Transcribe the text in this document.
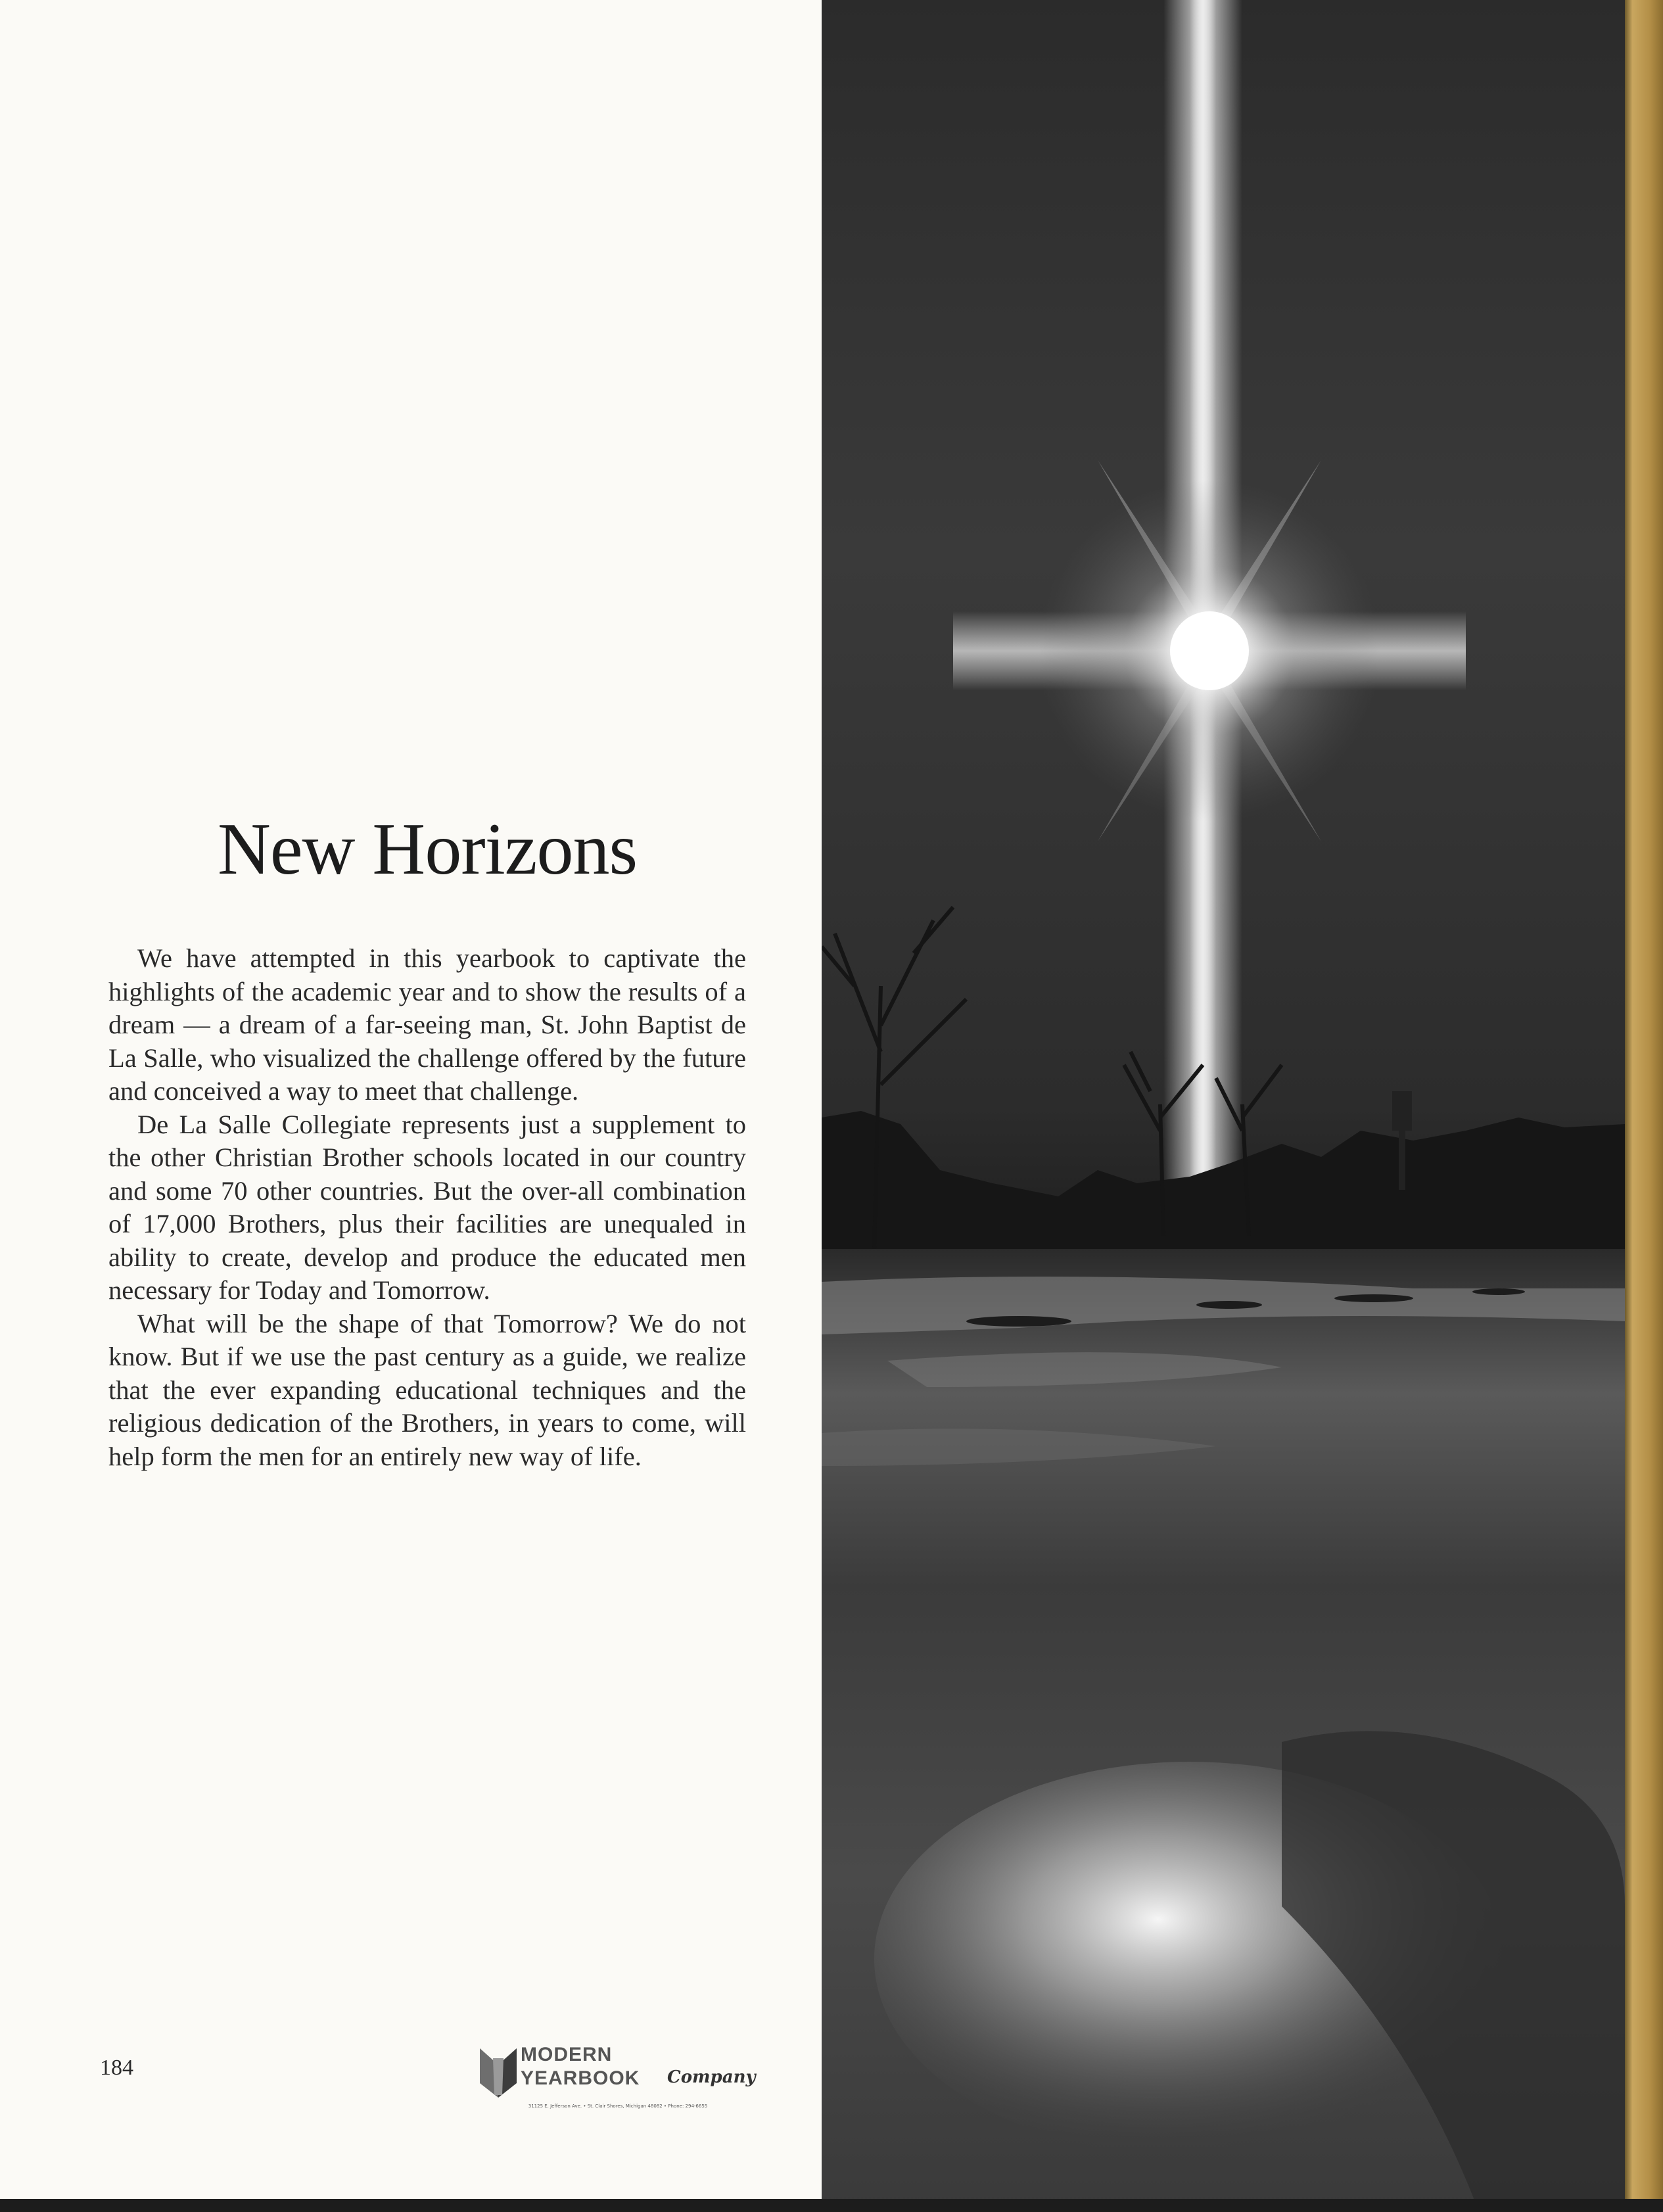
New Horizons

We have attempted in this yearbook to captivate the highlights of the academic year and to show the results of a dream — a dream of a far-seeing man, St. John Baptist de La Salle, who visualized the challenge offered by the future and conceived a way to meet that challenge.

De La Salle Collegiate represents just a supplement to the other Christian Brother schools located in our country and some 70 other countries. But the over-all combination of 17,000 Brothers, plus their facilities are unequaled in ability to create, develop and produce the educated men necessary for Today and Tomorrow.

What will be the shape of that Tomorrow? We do not know. But if we use the past century as a guide, we realize that the ever expanding educational techniques and the religious dedication of the Brothers, in years to come, will help form the men for an entirely new way of life.

184
MODERN
YEARBOOK Company
31125 E. Jefferson Ave. • St. Clair Shores, Michigan 48082 • Phone: 294-6655
